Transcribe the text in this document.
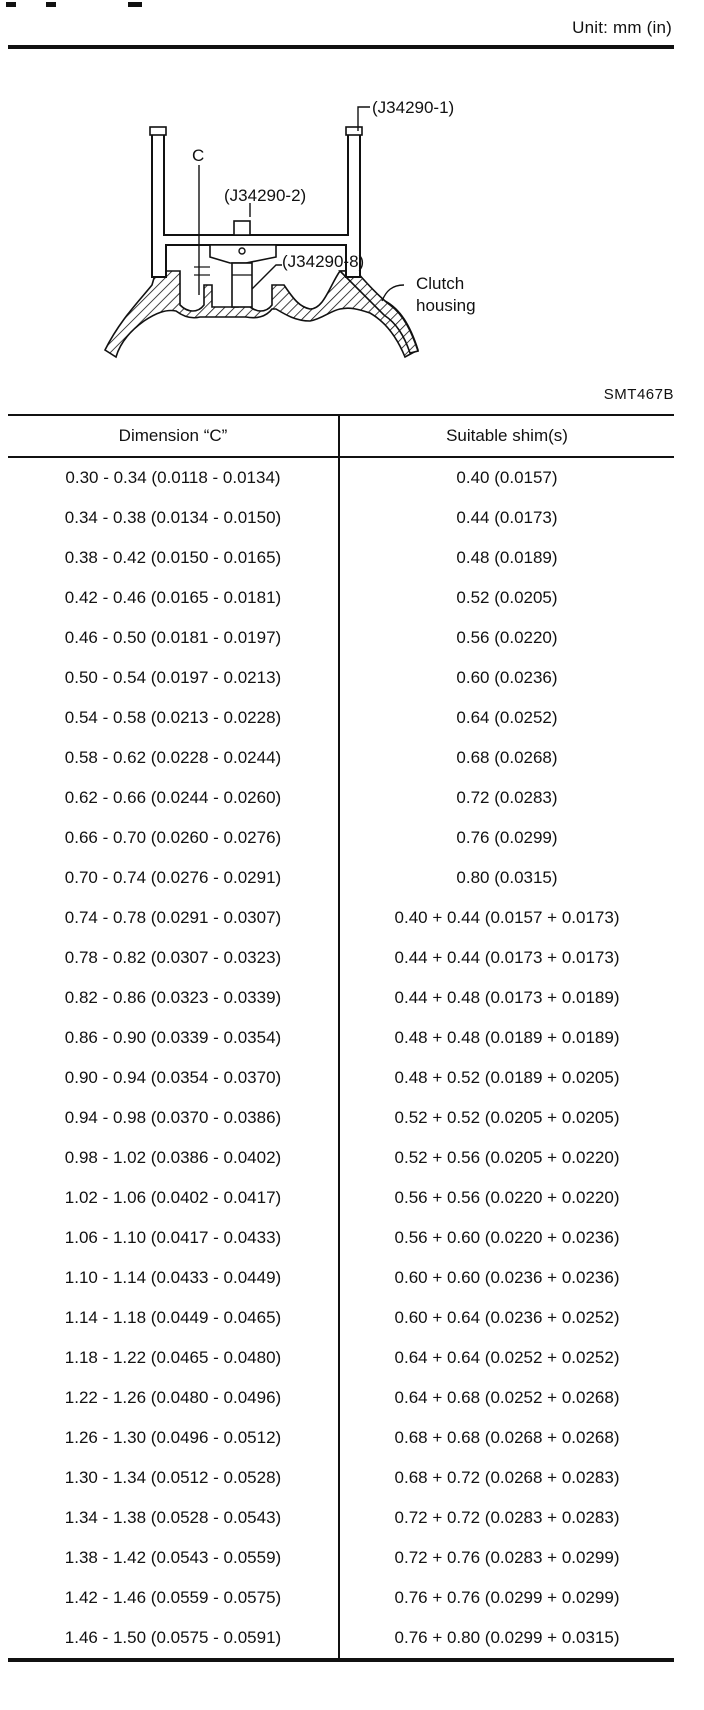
Unit: mm (in)
C
(J34290-1)
(J34290-2)
(J34290-8)
Clutch
housing
SMT467B
Dimension “C”	Suitable shim(s)
0.30 - 0.34 (0.0118 - 0.0134)	0.40 (0.0157)
0.34 - 0.38 (0.0134 - 0.0150)	0.44 (0.0173)
0.38 - 0.42 (0.0150 - 0.0165)	0.48 (0.0189)
0.42 - 0.46 (0.0165 - 0.0181)	0.52 (0.0205)
0.46 - 0.50 (0.0181 - 0.0197)	0.56 (0.0220)
0.50 - 0.54 (0.0197 - 0.0213)	0.60 (0.0236)
0.54 - 0.58 (0.0213 - 0.0228)	0.64 (0.0252)
0.58 - 0.62 (0.0228 - 0.0244)	0.68 (0.0268)
0.62 - 0.66 (0.0244 - 0.0260)	0.72 (0.0283)
0.66 - 0.70 (0.0260 - 0.0276)	0.76 (0.0299)
0.70 - 0.74 (0.0276 - 0.0291)	0.80 (0.0315)
0.74 - 0.78 (0.0291 - 0.0307)	0.40 + 0.44 (0.0157 + 0.0173)
0.78 - 0.82 (0.0307 - 0.0323)	0.44 + 0.44 (0.0173 + 0.0173)
0.82 - 0.86 (0.0323 - 0.0339)	0.44 + 0.48 (0.0173 + 0.0189)
0.86 - 0.90 (0.0339 - 0.0354)	0.48 + 0.48 (0.0189 + 0.0189)
0.90 - 0.94 (0.0354 - 0.0370)	0.48 + 0.52 (0.0189 + 0.0205)
0.94 - 0.98 (0.0370 - 0.0386)	0.52 + 0.52 (0.0205 + 0.0205)
0.98 - 1.02 (0.0386 - 0.0402)	0.52 + 0.56 (0.0205 + 0.0220)
1.02 - 1.06 (0.0402 - 0.0417)	0.56 + 0.56 (0.0220 + 0.0220)
1.06 - 1.10 (0.0417 - 0.0433)	0.56 + 0.60 (0.0220 + 0.0236)
1.10 - 1.14 (0.0433 - 0.0449)	0.60 + 0.60 (0.0236 + 0.0236)
1.14 - 1.18 (0.0449 - 0.0465)	0.60 + 0.64 (0.0236 + 0.0252)
1.18 - 1.22 (0.0465 - 0.0480)	0.64 + 0.64 (0.0252 + 0.0252)
1.22 - 1.26 (0.0480 - 0.0496)	0.64 + 0.68 (0.0252 + 0.0268)
1.26 - 1.30 (0.0496 - 0.0512)	0.68 + 0.68 (0.0268 + 0.0268)
1.30 - 1.34 (0.0512 - 0.0528)	0.68 + 0.72 (0.0268 + 0.0283)
1.34 - 1.38 (0.0528 - 0.0543)	0.72 + 0.72 (0.0283 + 0.0283)
1.38 - 1.42 (0.0543 - 0.0559)	0.72 + 0.76 (0.0283 + 0.0299)
1.42 - 1.46 (0.0559 - 0.0575)	0.76 + 0.76 (0.0299 + 0.0299)
1.46 - 1.50 (0.0575 - 0.0591)	0.76 + 0.80 (0.0299 + 0.0315)
